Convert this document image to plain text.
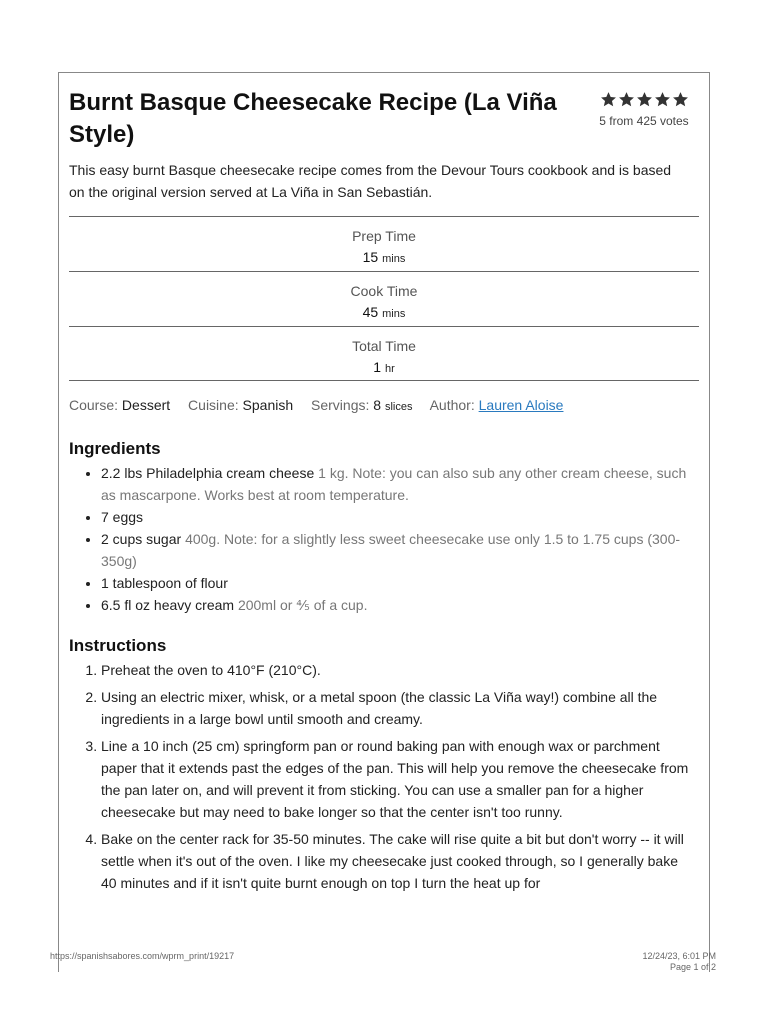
Burnt Basque Cheesecake Recipe (La Viña Style)	5 from 425 votes

This easy burnt Basque cheesecake recipe comes from the Devour Tours cookbook and is based on the original version served at La Viña in San Sebastián.

Prep Time
15 mins
Cook Time
45 mins
Total Time
1 hr
Course: Dessert Cuisine: Spanish Servings: 8 slices Author: Lauren Aloise
Ingredients
• 2.2 lbs Philadelphia cream cheese 1 kg. Note: you can also sub any other cream cheese, such as mascarpone. Works best at room temperature.
• 7 eggs
• 2 cups sugar 400g. Note: for a slightly less sweet cheesecake use only 1.5 to 1.75 cups (300-350g)
• 1 tablespoon of flour
• 6.5 fl oz heavy cream 200ml or ⅘ of a cup.
Instructions
1. Preheat the oven to 410°F (210°C).
2. Using an electric mixer, whisk, or a metal spoon (the classic La Viña way!) combine all the ingredients in a large bowl until smooth and creamy.
3. Line a 10 inch (25 cm) springform pan or round baking pan with enough wax or parchment paper that it extends past the edges of the pan. This will help you remove the cheesecake from the pan later on, and will prevent it from sticking. You can use a smaller pan for a higher cheesecake but may need to bake longer so that the center isn't too runny.
4. Bake on the center rack for 35-50 minutes. The cake will rise quite a bit but don't worry -- it will settle when it's out of the oven. I like my cheesecake just cooked through, so I generally bake 40 minutes and if it isn't quite burnt enough on top I turn the heat up for
https://spanishsabores.com/wprm_print/19217	12/24/23, 6:01 PM
Page 1 of 2
